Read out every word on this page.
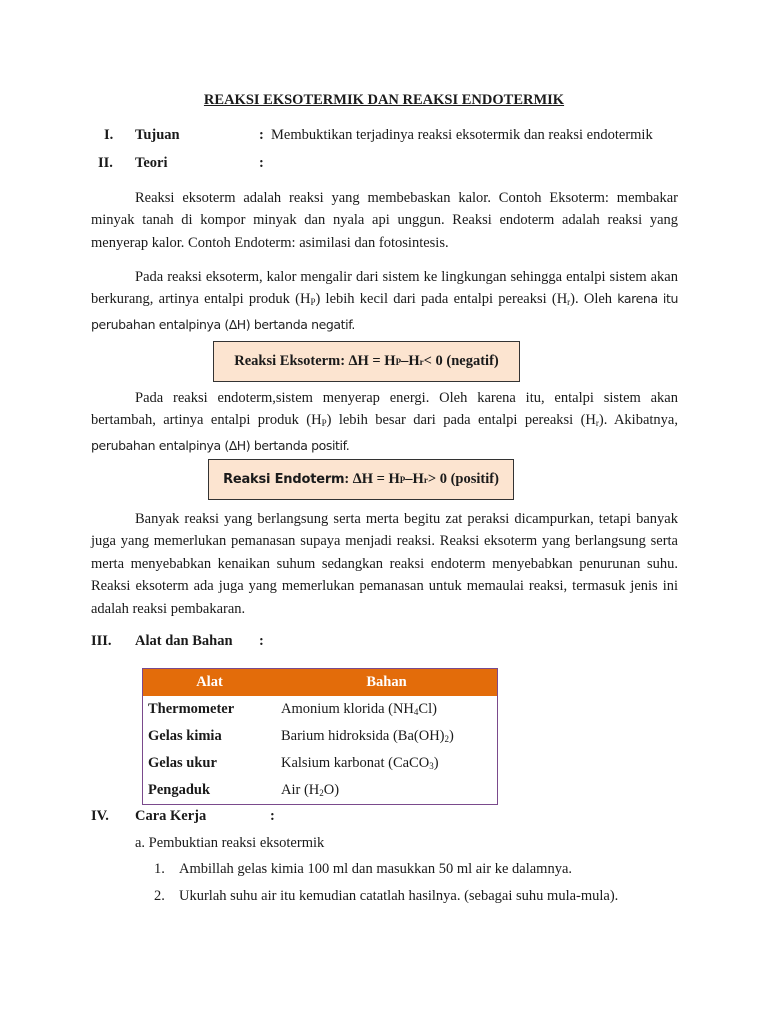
REAKSI EKSOTERMIK DAN REAKSI ENDOTERMIK
I. Tujuan	: Membuktikan terjadinya reaksi eksotermik dan reaksi endotermik
II. Teori	:

Reaksi eksoterm adalah reaksi yang membebaskan kalor. Contoh Eksoterm: membakar minyak tanah di kompor minyak dan nyala api unggun. Reaksi endoterm adalah reaksi yang menyerap kalor. Contoh Endoterm: asimilasi dan fotosintesis.

Pada reaksi eksoterm, kalor mengalir dari sistem ke lingkungan sehingga entalpi sistem akan berkurang, artinya entalpi produk $(H_P)$ lebih kecil dari pada entalpi pereaksi $(H_r)$. Oleh karena itu perubahan entalpinya (∆H) bertanda negatif.

Reaksi Eksoterm: ∆H = H P –H r < 0 (negatif)

Pada reaksi endoterm,sistem menyerap energi. Oleh karena itu, entalpi sistem akan bertambah, artinya entalpi produk $(H_P)$ lebih besar dari pada entalpi pereaksi $(H_r)$. Akibatnya, perubahan entalpinya (∆H) bertanda positif.

Reaksi Endoterm : ∆H = H P –H r > 0 (positif)

Banyak reaksi yang berlangsung serta merta begitu zat peraksi dicampurkan, tetapi banyak juga yang memerlukan pemanasan supaya menjadi reaksi. Reaksi eksoterm yang berlangsung serta merta menyebabkan kenaikan suhum sedangkan reaksi endoterm menyebabkan penurunan suhu. Reaksi eksoterm ada juga yang memerlukan pemanasan untuk memaulai reaksi, termasuk jenis ini adalah reaksi pembakaran.

III. Alat dan Bahan :
Alat	Bahan
Thermometer	Amonium klorida $(NH_4Cl)$
Gelas kimia	Barium hidroksida $(Ba(OH)_2)$
Gelas ukur	Kalsium karbonat (CaCO$_3$)
Pengaduk	Air $(H_2O)$
IV. Cara Kerja	:
a. Pembuktian reaksi eksotermik
1. Ambillah gelas kimia 100 ml dan masukkan 50 ml air ke dalamnya.
2. Ukurlah suhu air itu kemudian catatlah hasilnya. (sebagai suhu mula-mula).
